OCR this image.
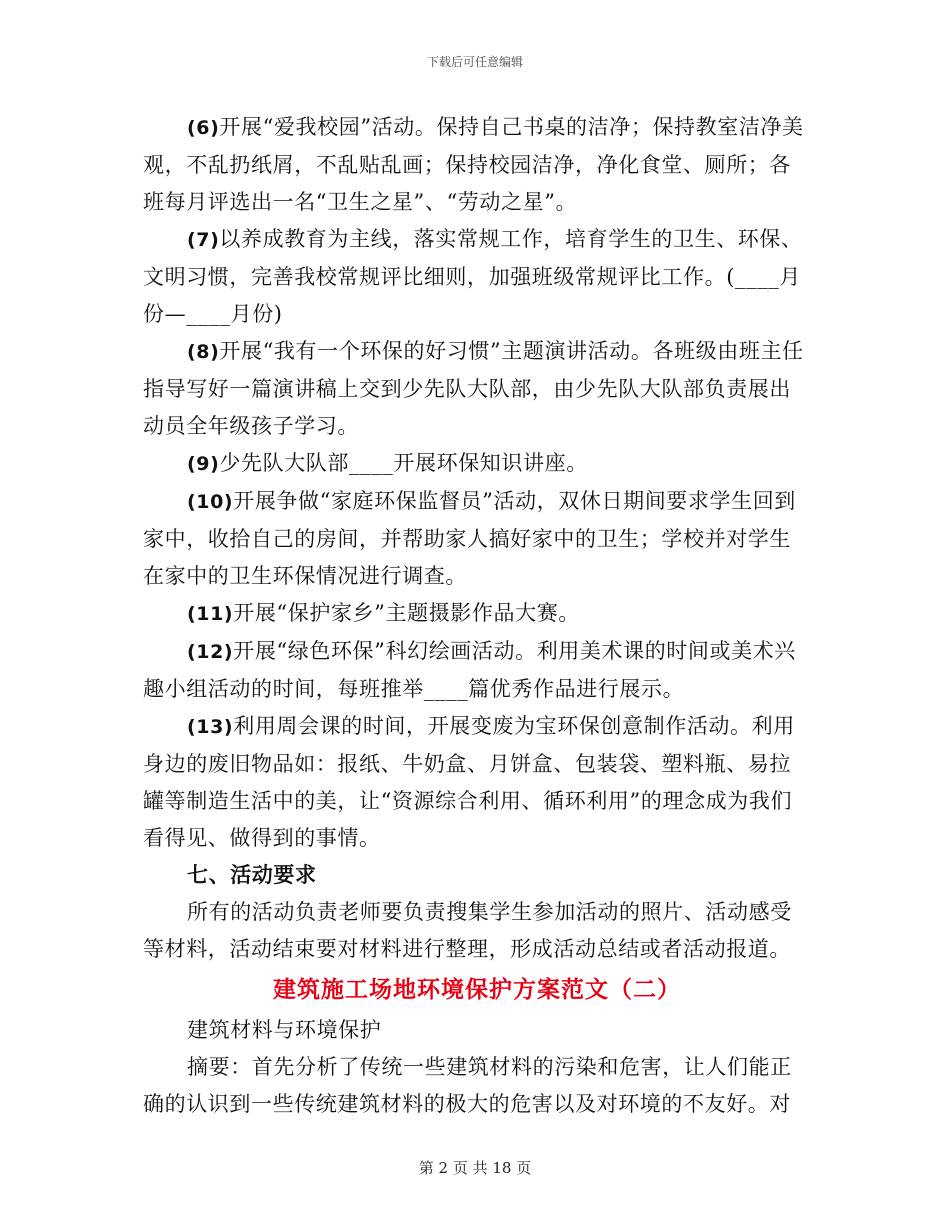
下载后可任意编辑

(6)开展“爱我校园”活动。保持自己书桌的洁净；保持教室洁净美观，不乱扔纸屑，不乱贴乱画；保持校园洁净，净化食堂、厕所；各班每月评选出一名“卫生之星”、“劳动之星”。

(7)以养成教育为主线，落实常规工作，培育学生的卫生、环保、文明习惯，完善我校常规评比细则，加强班级常规评比工作。(____月份—____月份)

(8)开展“我有一个环保的好习惯”主题演讲活动。各班级由班主任指导写好一篇演讲稿上交到少先队大队部，由少先队大队部负责展出动员全年级孩子学习。

(9)少先队大队部____开展环保知识讲座。

(10)开展争做“家庭环保监督员”活动，双休日期间要求学生回到家中，收拾自己的房间，并帮助家人搞好家中的卫生；学校并对学生在家中的卫生环保情况进行调查。

(11)开展“保护家乡”主题摄影作品大赛。

(12)开展“绿色环保”科幻绘画活动。利用美术课的时间或美术兴趣小组活动的时间，每班推举____篇优秀作品进行展示。

(13)利用周会课的时间，开展变废为宝环保创意制作活动。利用身边的废旧物品如：报纸、牛奶盒、月饼盒、包装袋、塑料瓶、易拉罐等制造生活中的美，让“资源综合利用、循环利用”的理念成为我们看得见、做得到的事情。

七、活动要求

所有的活动负责老师要负责搜集学生参加活动的照片、活动感受等材料，活动结束要对材料进行整理，形成活动总结或者活动报道。

建筑施工场地环境保护方案范文（二）

建筑材料与环境保护

摘要：首先分析了传统一些建筑材料的污染和危害，让人们能正确的认识到一些传统建筑材料的极大的危害以及对环境的不友好。对

第 2 页 共 18 页
